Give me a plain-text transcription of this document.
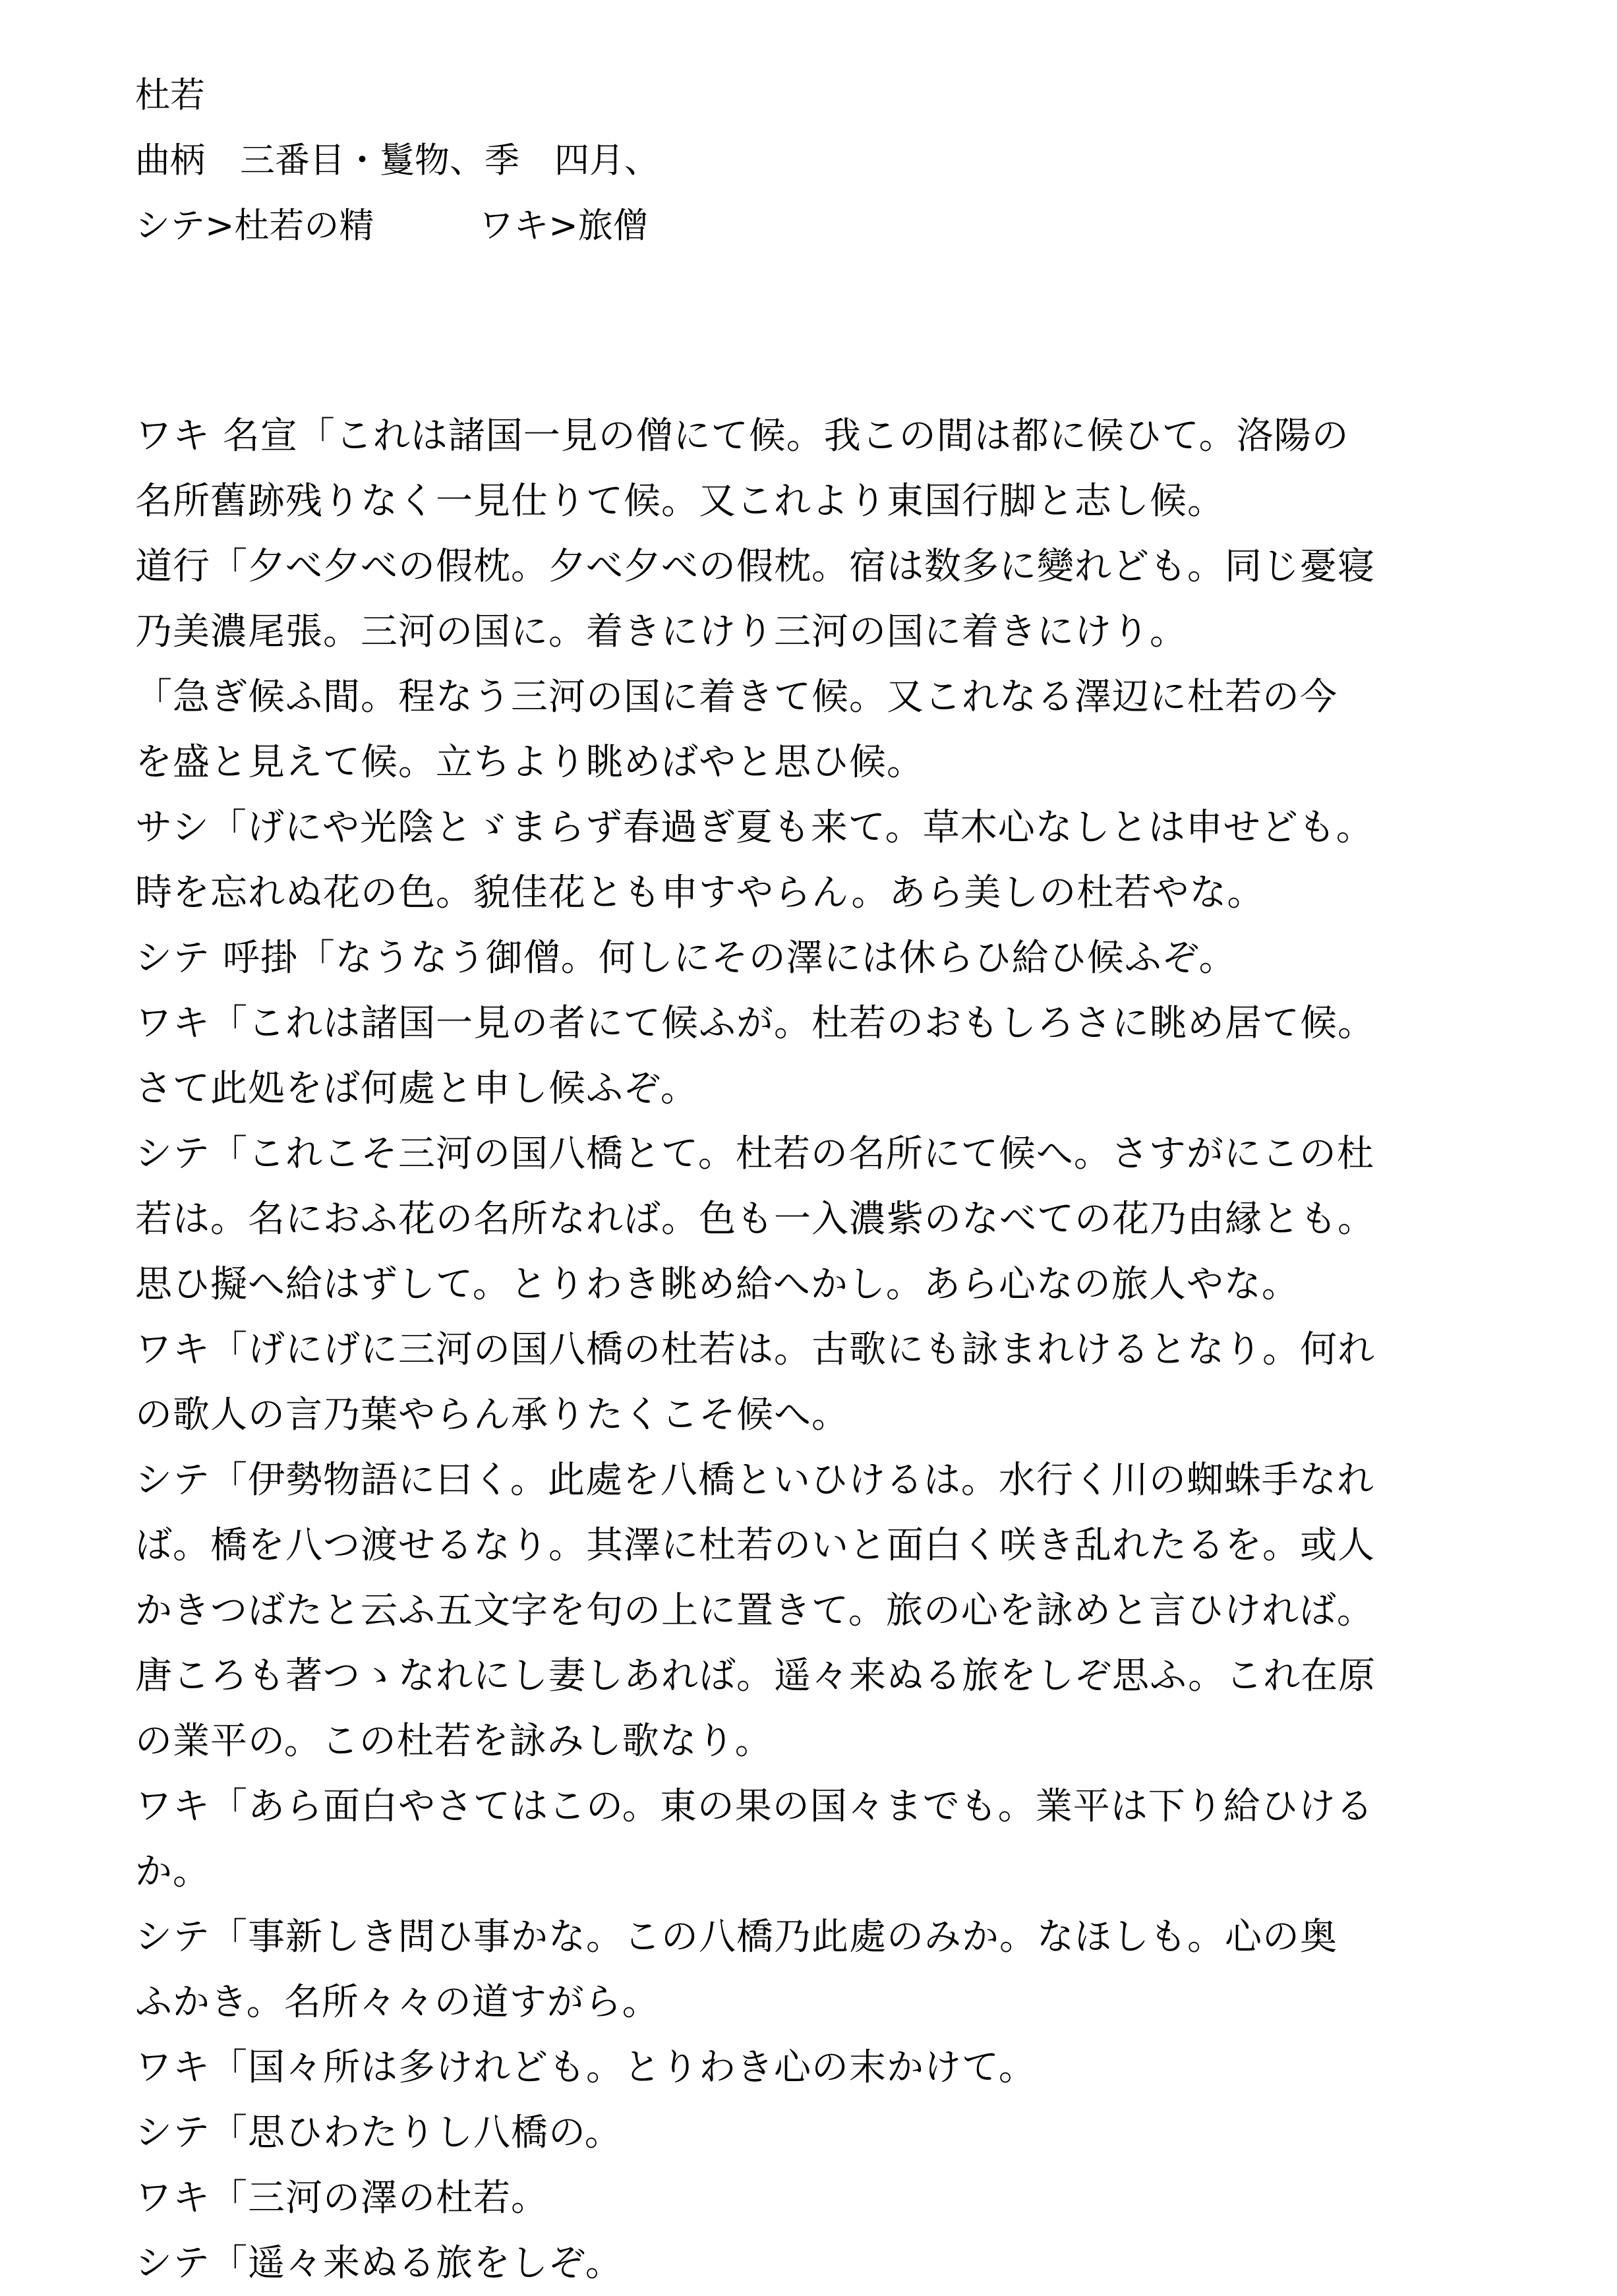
杜若
曲柄　三番目・鬘物、季　四月、
シテ>杜若の精　　　ワキ>旅僧
ワキ 名宣「これは諸国一見の僧にて候。我この間は都に候ひて。洛陽の
名所舊跡残りなく一見仕りて候。又これより東国行脚と志し候。
道行「夕べ夕べの假枕。夕べ夕べの假枕。宿は数多に變れども。同じ憂寝
乃美濃尾張。三河の国に。着きにけり三河の国に着きにけり。
「急ぎ候ふ間。程なう三河の国に着きて候。又これなる澤辺に杜若の今
を盛と見えて候。立ちより眺めばやと思ひ候。
サシ「げにや光陰とゞまらず春過ぎ夏も来て。草木心なしとは申せども。
時を忘れぬ花の色。貌佳花とも申すやらん。あら美しの杜若やな。
シテ 呼掛「なうなう御僧。何しにその澤には休らひ給ひ候ふぞ。
ワキ「これは諸国一見の者にて候ふが。杜若のおもしろさに眺め居て候。
さて此処をば何處と申し候ふぞ。
シテ「これこそ三河の国八橋とて。杜若の名所にて候へ。さすがにこの杜
若は。名におふ花の名所なれば。色も一入濃紫のなべての花乃由縁とも。
思ひ擬へ給はずして。とりわき眺め給へかし。あら心なの旅人やな。
ワキ「げにげに三河の国八橋の杜若は。古歌にも詠まれけるとなり。何れ
の歌人の言乃葉やらん承りたくこそ候へ。
シテ「伊勢物語に曰く。此處を八橋といひけるは。水行く川の蜘蛛手なれ
ば。橋を八つ渡せるなり。其澤に杜若のいと面白く咲き乱れたるを。或人
かきつばたと云ふ五文字を句の上に置きて。旅の心を詠めと言ひければ。
唐ころも著つゝなれにし妻しあれば。遥々来ぬる旅をしぞ思ふ。これ在原
の業平の。この杜若を詠みし歌なり。
ワキ「あら面白やさてはこの。東の果の国々までも。業平は下り給ひける
か。
シテ「事新しき問ひ事かな。この八橋乃此處のみか。なほしも。心の奥
ふかき。名所々々の道すがら。
ワキ「国々所は多けれども。とりわき心の末かけて。
シテ「思ひわたりし八橋の。
ワキ「三河の澤の杜若。
シテ「遥々来ぬる旅をしぞ。
